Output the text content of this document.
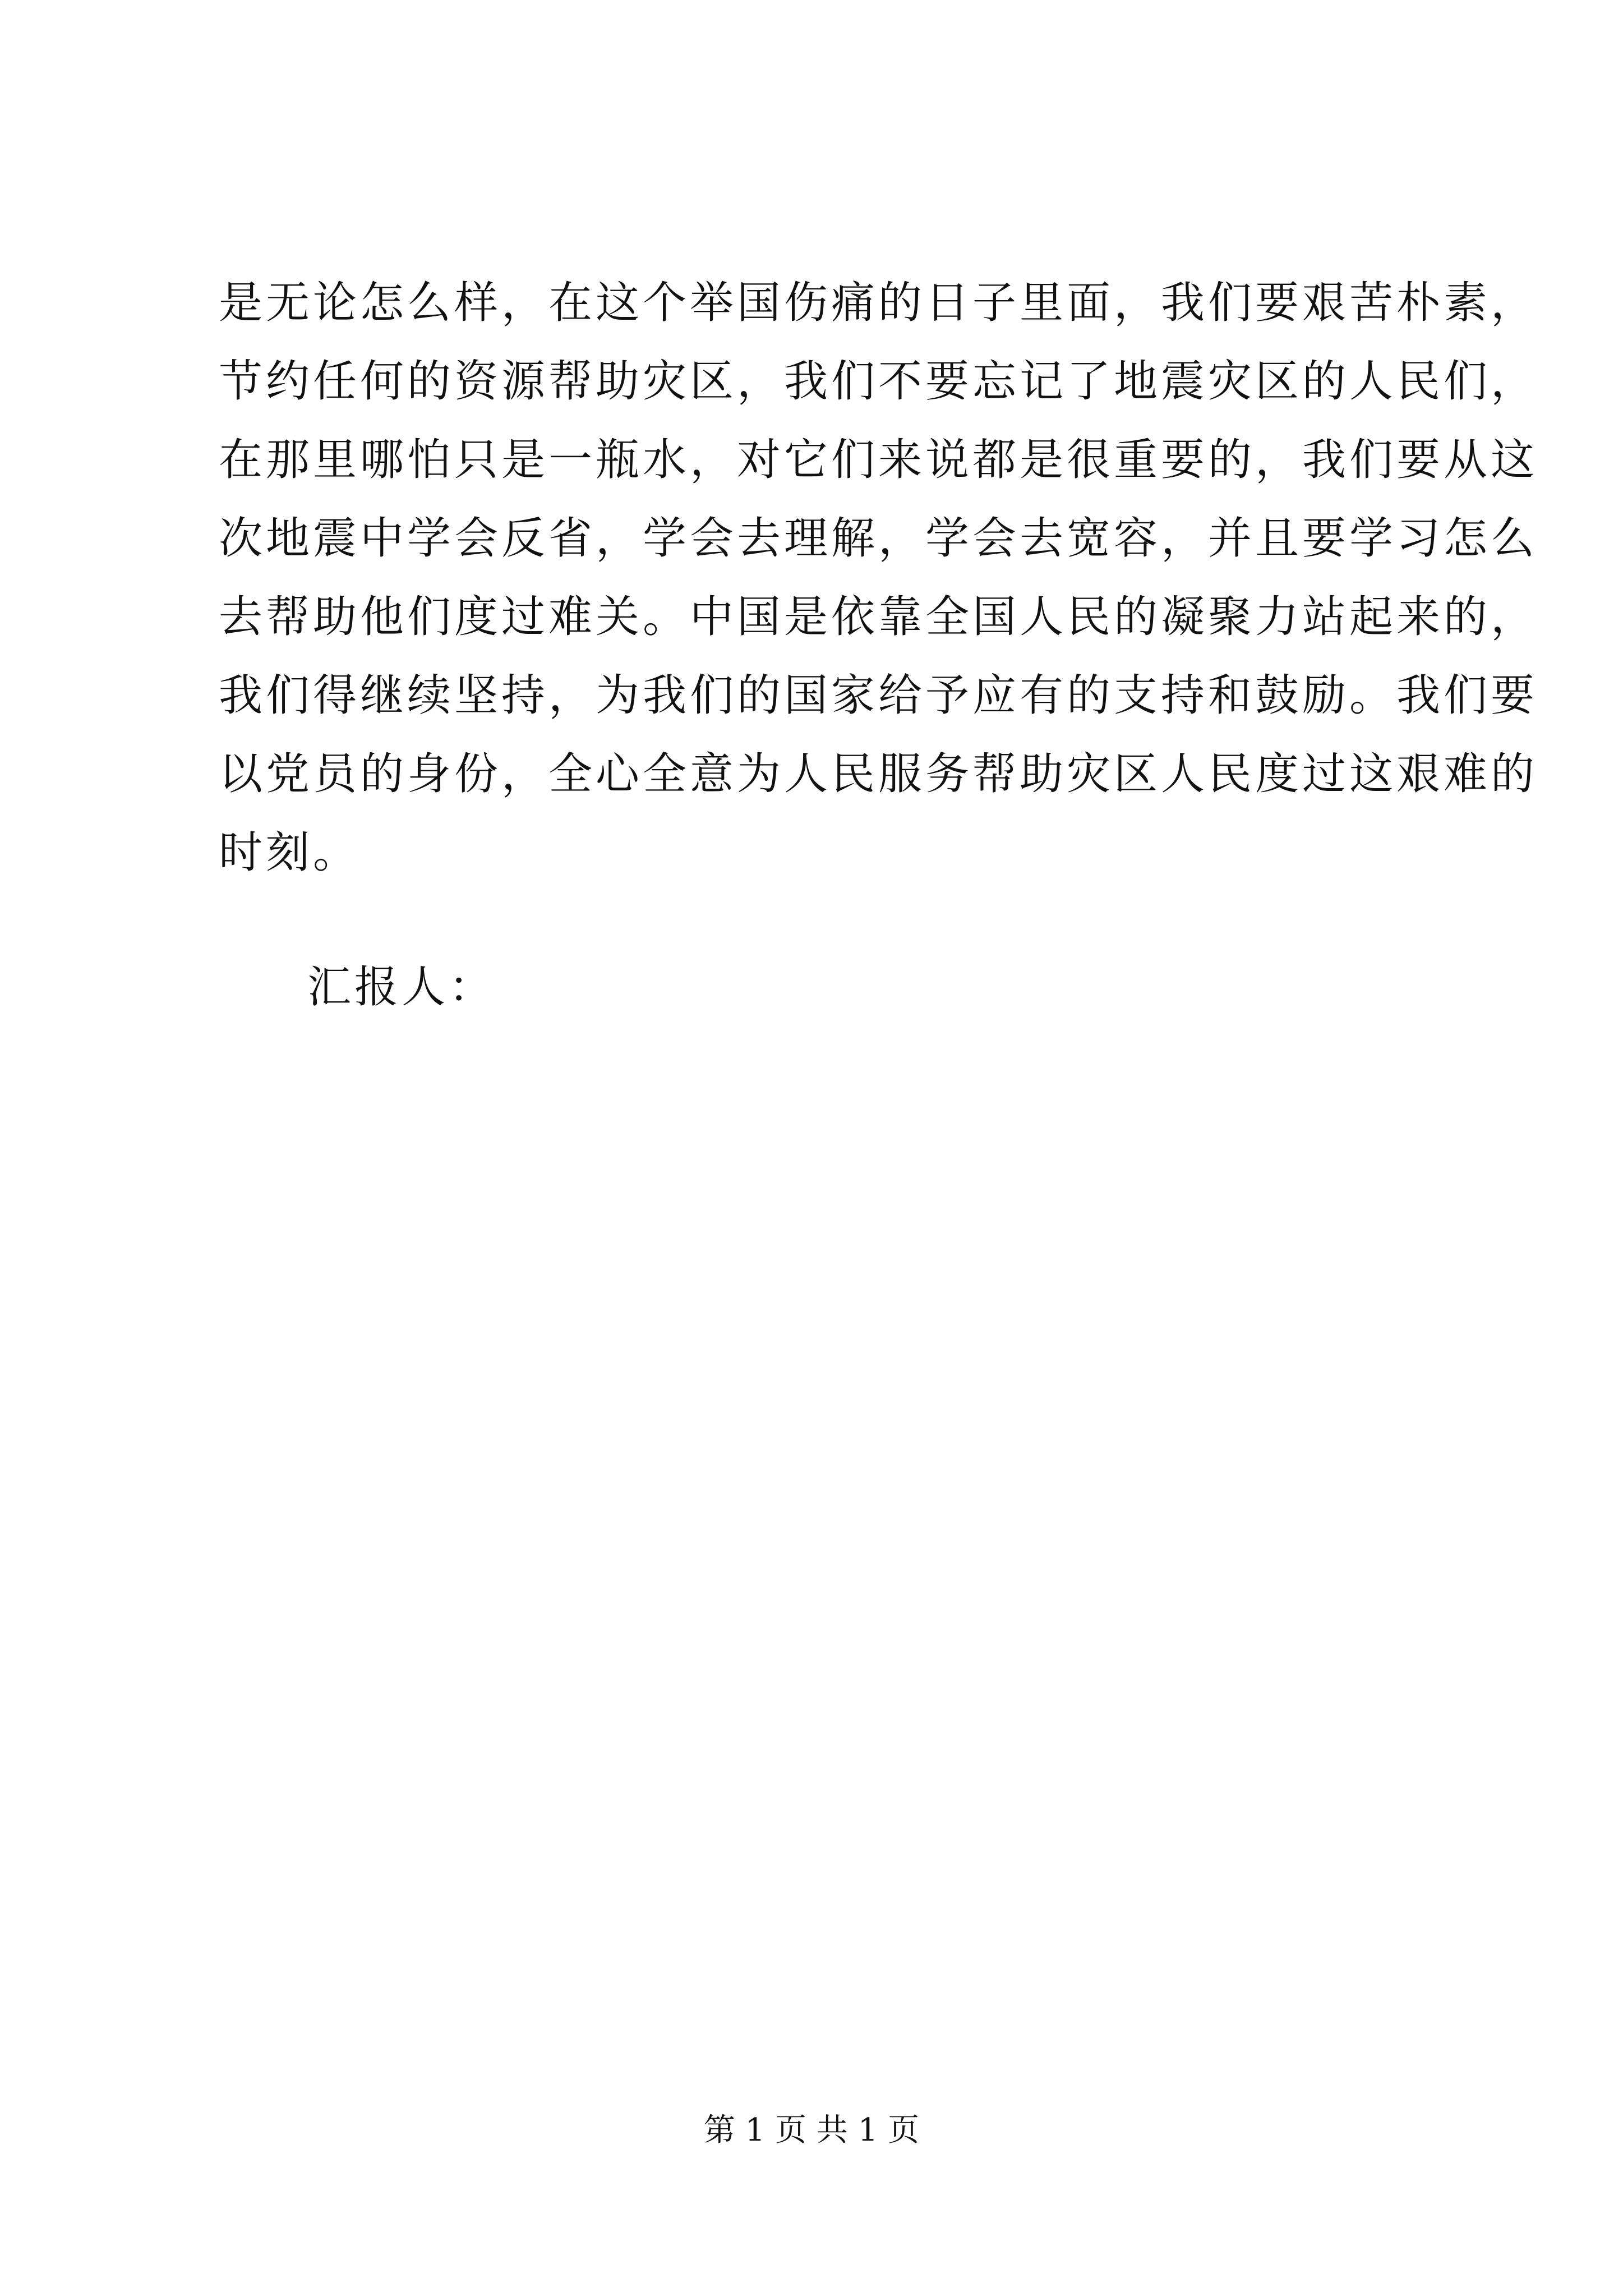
是无论怎么样，在这个举国伤痛的日子里面，我们要艰苦朴素，
节约任何的资源帮助灾区，我们不要忘记了地震灾区的人民们，
在那里哪怕只是一瓶水，对它们来说都是很重要的，我们要从这
次地震中学会反省，学会去理解，学会去宽容，并且要学习怎么
去帮助他们度过难关。中国是依靠全国人民的凝聚力站起来的，
我们得继续坚持，为我们的国家给予应有的支持和鼓励。我们要
以党员的身份，全心全意为人民服务帮助灾区人民度过这艰难的
时刻。
汇报人：
第 1 页 共 1 页
